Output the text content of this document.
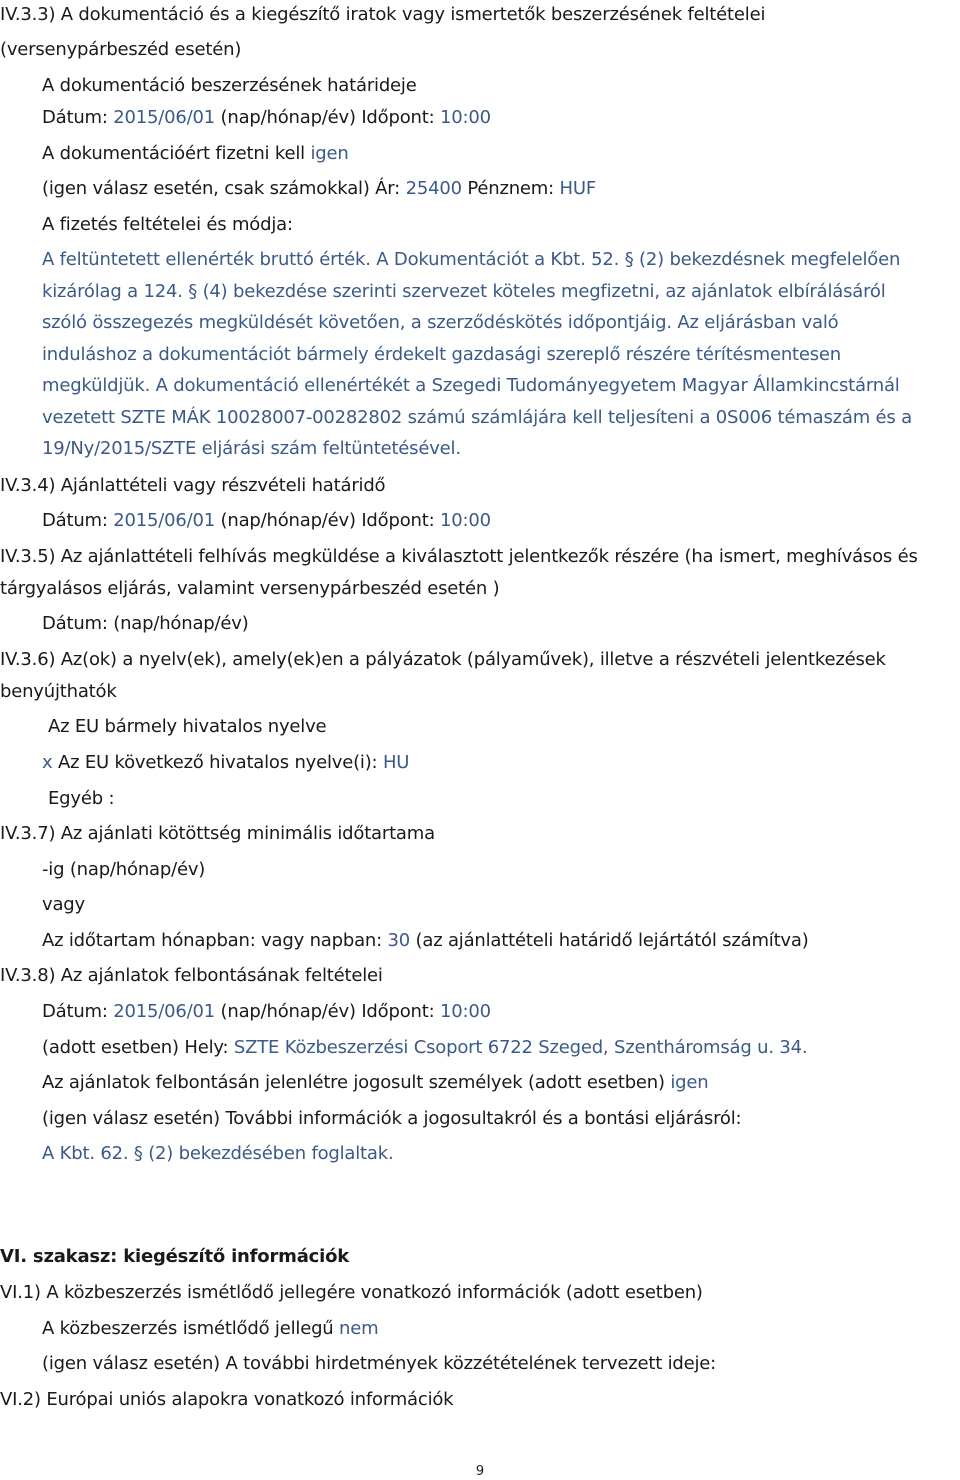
IV.3.3) A dokumentáció és a kiegészítő iratok vagy ismertetők beszerzésének feltételei
(versenypárbeszéd esetén)
A dokumentáció beszerzésének határideje
Dátum: 2015/06/01 (nap/hónap/év) Időpont: 10:00
A dokumentációért fizetni kell igen
(igen válasz esetén, csak számokkal) Ár: 25400 Pénznem: HUF
A fizetés feltételei és módja:
A feltüntetett ellenérték bruttó érték. A Dokumentációt a Kbt. 52. § (2) bekezdésnek megfelelően
kizárólag a 124. § (4) bekezdése szerinti szervezet köteles megfizetni, az ajánlatok elbírálásáról
szóló összegezés megküldését követően, a szerződéskötés időpontjáig. Az eljárásban való
induláshoz a dokumentációt bármely érdekelt gazdasági szereplő részére térítésmentesen
megküldjük. A dokumentáció ellenértékét a Szegedi Tudományegyetem Magyar Államkincstárnál
vezetett SZTE MÁK 10028007-00282802 számú számlájára kell teljesíteni a 0S006 témaszám és a
19/Ny/2015/SZTE eljárási szám feltüntetésével.
IV.3.4) Ajánlattételi vagy részvételi határidő
Dátum: 2015/06/01 (nap/hónap/év) Időpont: 10:00
IV.3.5) Az ajánlattételi felhívás megküldése a kiválasztott jelentkezők részére (ha ismert, meghívásos és
tárgyalásos eljárás, valamint versenypárbeszéd esetén )
Dátum: (nap/hónap/év)
IV.3.6) Az(ok) a nyelv(ek), amely(ek)en a pályázatok (pályaművek), illetve a részvételi jelentkezések
benyújthatók
Az EU bármely hivatalos nyelve
x Az EU következő hivatalos nyelve(i): HU
Egyéb :
IV.3.7) Az ajánlati kötöttség minimális időtartama
-ig (nap/hónap/év)
vagy
Az időtartam hónapban: vagy napban: 30 (az ajánlattételi határidő lejártától számítva)
IV.3.8) Az ajánlatok felbontásának feltételei
Dátum: 2015/06/01 (nap/hónap/év) Időpont: 10:00
(adott esetben) Hely: SZTE Közbeszerzési Csoport 6722 Szeged, Szentháromság u. 34.
Az ajánlatok felbontásán jelenlétre jogosult személyek (adott esetben) igen
(igen válasz esetén) További információk a jogosultakról és a bontási eljárásról:
A Kbt. 62. § (2) bekezdésében foglaltak.
VI. szakasz: kiegészítő információk
VI.1) A közbeszerzés ismétlődő jellegére vonatkozó információk (adott esetben)
A közbeszerzés ismétlődő jellegű nem
(igen válasz esetén) A további hirdetmények közzétételének tervezett ideje:
VI.2) Európai uniós alapokra vonatkozó információk
9
